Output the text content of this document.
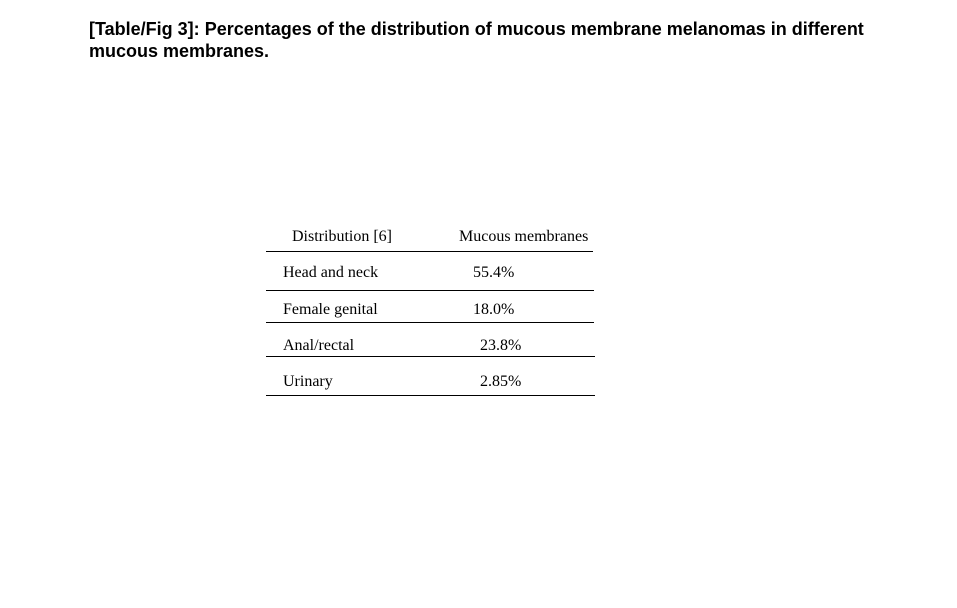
[Table/Fig 3]: Percentages of the distribution of mucous membrane melanomas in different mucous membranes.
Distribution [6]	Mucous membranes
Head and neck	55.4%
Female genital	18.0%
Anal/rectal	23.8%
Urinary	2.85%
